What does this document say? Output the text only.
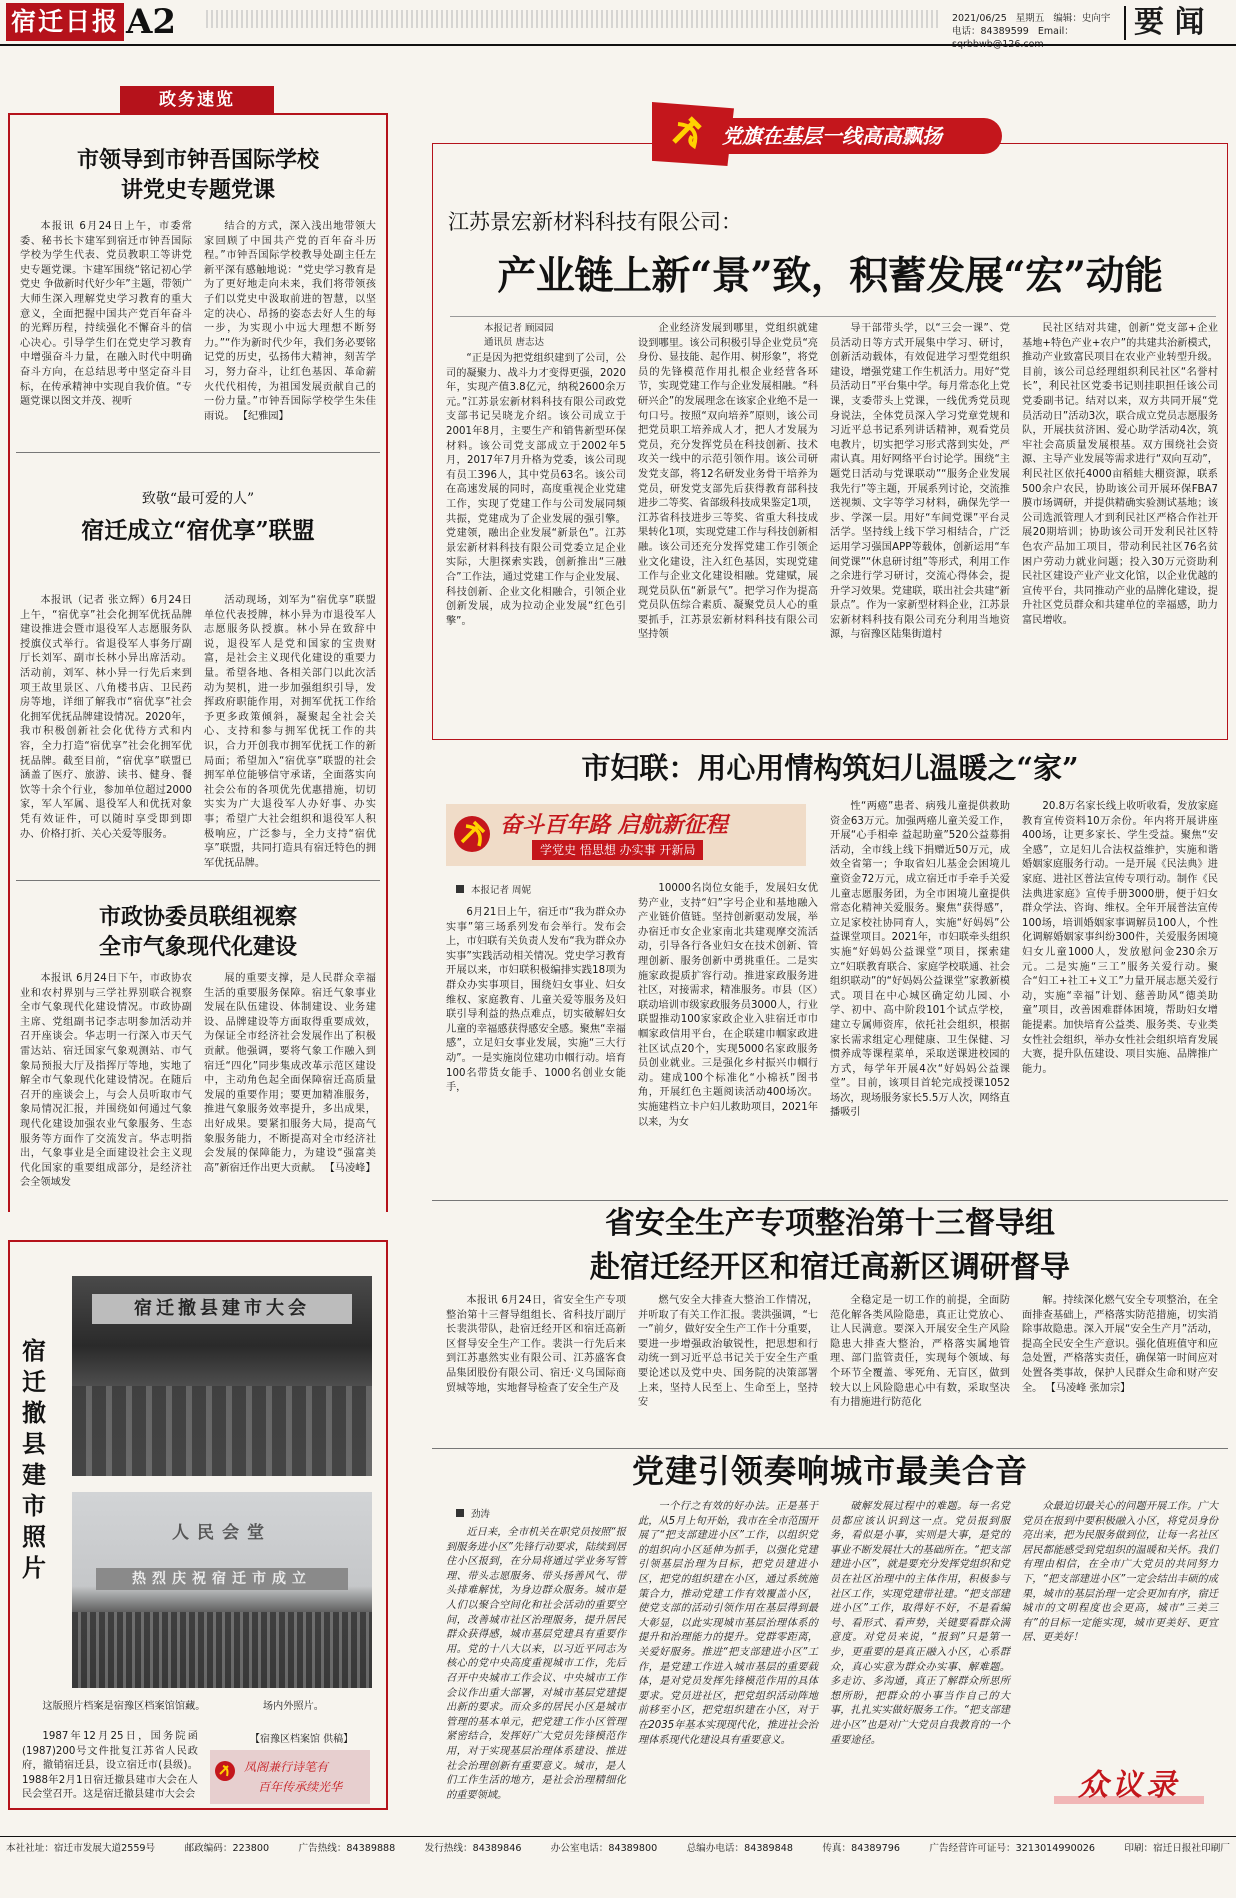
宿迁日报 A2	2021/06/25 星期五 编辑：史向宇
电话：84389599 Email：	要 闻
政务速览
市领导到市钟吾国际学校
讲党史专题党课
本报讯 6月24日上午，市委常委、秘书长卞建军到宿迁市钟吾国际学校为学生代表、党员教职工等讲党史专题党课。卞建军围绕“铭记初心学党史 争做新时代好少年”主题，带领广大师生深入理解党史学习教育的重大意义，全面把握中国共产党百年奋斗的光辉历程，持续强化不懈奋斗的信心决心。引导学生们在党史学习教育中增强奋斗力量，在融入时代中明确奋斗方向，在总结思考中坚定奋斗目标，在传承精神中实现自我价值。“专题党课以图文并茂、视听
结合的方式，深入浅出地带领大家回顾了中国共产党的百年奋斗历程。”市钟吾国际学校教导处副主任左新平深有感触地说：“党史学习教育是为了更好地走向未来，我们将带领孩子们以党史中汲取前进的智慧，以坚定的决心、昂扬的姿态去好人生的每一步，为实现小中远大理想不断努力。”“作为新时代少年，我们务必要铭记党的历史，弘扬伟大精神，刻苦学习，努力奋斗，让红色基因、革命薪火代代相传，为祖国发展贡献自己的一份力量。”市钟吾国际学校学生朱佳雨说。 【纪雅园】
致敬“最可爱的人”
宿迁成立“宿优享”联盟
本报讯（记者 张立辉）6月24日上午，“宿优享”社会化拥军优抚品牌建设推进会暨市退役军人志愿服务队授旗仪式举行。省退役军人事务厅副厅长刘军、副市长林小异出席活动。活动前，刘军、林小异一行先后来到项王故里景区、八角楼书店、卫民药房等地，详细了解我市“宿优享”社会化拥军优抚品牌建设情况。2020年，我市积极创新社会化优待方式和内容，全力打造“宿优享”社会化拥军优抚品牌。截至目前，“宿优享”联盟已涵盖了医疗、旅游、读书、健身、餐饮等十余个行业，参加单位超过2000家，军人军属、退役军人和优抚对象凭有效证件，可以随时享受即到即办、价格打折、关心关爱等服务。
活动现场，刘军为“宿优享”联盟单位代表授牌，林小异为市退役军人志愿服务队授旗。林小异在致辞中说，退役军人是党和国家的宝贵财富，是社会主义现代化建设的重要力量。希望各地、各相关部门以此次活动为契机，进一步加强组织引导，发挥政府职能作用，对拥军优抚工作给予更多政策倾斜，凝聚起全社会关心、支持和参与拥军优抚工作的共识，合力开创我市拥军优抚工作的新局面；希望加入“宿优享”联盟的社会拥军单位能够信守承诺，全面落实向社会公布的各项优先优惠措施，切切实实为广大退役军人办好事、办实事；希望广大社会组织和退役军人积极响应，广泛参与，全力支持“宿优享”联盟，共同打造具有宿迁特色的拥军优抚品牌。
市政协委员联组视察
全市气象现代化建设
本报讯 6月24日下午，市政协农业和农村界别与三学社界别联合视察全市气象现代化建设情况。市政协副主席、党组副书记李志明参加活动并召开座谈会。华志明一行深入市天气雷达站、宿迁国家气象观测站、市气象局预报大厅及指挥厅等地，实地了解全市气象现代化建设情况。在随后召开的座谈会上，与会人员听取市气象局情况汇报，并围绕如何通过气象现代化建设加强农业气象服务、生态服务等方面作了交流发言。华志明指出，气象事业是全面建设社会主义现代化国家的重要组成部分，是经济社会全领域发
展的重要支撑，是人民群众幸福生活的重要服务保障。宿迁气象事业发展在队伍建设、体制建设、业务建设、品牌建设等方面取得重要成效，为保证全市经济社会发展作出了积极贡献。他强调，要将气象工作融入到宿迁“四化”同步集成改革示范区建设中，主动角色起全面保障宿迁高质量发展的重要作用；要更加精准服务，推进气象服务效率提升，多出成果，出好成果。要紧扣服务大局，提高气象服务能力，不断提高对全市经济社会发展的保障能力，为建设“强富美高”新宿迁作出更大贡献。 【马凌峰】
宿迁撤县建市照片
宿迁撤县建市大会
人民会堂
热烈庆祝宿迁市成立
这版照片档案是宿豫区档案馆馆藏。	场内外照片。
1987年12月25日，国务院函(1987)200号文件批复江苏省人民政府，撤销宿迁县，设立宿迁市(县级)。1988年2月1日宿迁撤县建市大会在人民会堂召开。这是宿迁撤县建市大会会
【宿豫区档案馆 供稿】
凤阁兼行诗笔有
百年传承续光华
党旗在基层一线高高飘扬
江苏景宏新材料科技有限公司：
产业链上新“景”致，积蓄发展“宏”动能
本报记者 顾园园
通讯员 唐志达
“正是因为把党组织建到了公司，公司的凝聚力、战斗力才变得更强，2020年，实现产值3.8亿元，纳税2600余万元。”江苏景宏新材料科技有限公司政党支部书记吴晓龙介绍。该公司成立于2001年8月，主要生产和销售新型环保材料。该公司党支部成立于2002年5月，2017年7月升格为党委，该公司现有员工396人，其中党员63名。该公司在高速发展的同时，高度重视企业党建工作，实现了党建工作与公司发展同频共振，党建成为了企业发展的强引擎。党建领，融出企业发展“新景色”。江苏景宏新材料科技有限公司党委立足企业实际，大胆探索实践，创新推出“三融合”工作法，通过党建工作与企业发展、科技创新、企业文化相融合，引领企业创新发展，成为拉动企业发展“红色引擎”。
企业经济发展到哪里，党组织就建设到哪里。该公司积极引导企业党员“亮身份、显技能、起作用、树形象”，将党员的先锋模范作用扎根企业经营各环节，实现党建工作与企业发展相融。“科研兴企”的发展理念在该家企业绝不是一句口号。按照“双向培养”原则，该公司把党员职工培养成人才，把人才发展为党员，充分发挥党员在科技创新、技术攻关一线中的示范引领作用。该公司研发党支部，将12名研发业务骨干培养为党员，研发党支部先后获得教育部科技进步二等奖、省部级科技成果鉴定1项，江苏省科技进步三等奖、省重大科技成果转化1项，实现党建工作与科技创新相融。该公司还充分发挥党建工作引领企业文化建设，注入红色基因，实现党建工作与企业文化建设相融。党建赋，展现党员队伍“新景气”。把学习作为提高党员队伍综合素质、凝聚党员人心的重要抓手，江苏景宏新材料科技有限公司坚持领
导干部带头学，以“三会一课”、党员活动日等方式开展集中学习、研讨，创新活动载体，有效促进学习型党组织建设，增强党建工作生机活力。用好“党员活动日”平台集中学。每月常态化上党课，支委带头上党课，一线优秀党员现身说法，全体党员深入学习党章党规和习近平总书记系列讲话精神，观看党员电教片，切实把学习形式落到实处，严肃认真。用好网络平台讨论学。围绕“主题党日活动与党课联动”“服务企业发展我先行”等主题，开展系列讨论，交流推送视频、文字等学习材料，确保先学一步、学深一层。用好“车间党课”平台灵活学。坚持线上线下学习相结合，广泛运用学习强国APP等载体，创新运用“车间党课”“休息研讨组”等形式，利用工作之余进行学习研讨，交流心得体会，提升学习效果。党建联，联出社会共建“新景点”。作为一家新型材料企业，江苏景宏新材料科技有限公司充分利用当地资源，与宿豫区陆集街道村
民社区结对共建，创新“党支部+企业基地+特色产业+农户”的共建共治新模式，推动产业致富民项目在农业产业转型升级。目前，该公司总经理组织利民社区“名誉村长”，利民社区党委书记则挂职担任该公司党委副书记。结对以来，双方共同开展“党员活动日”活动3次，联合成立党员志愿服务队，开展扶贫济困、爱心助学活动4次，筑牢社会高质量发展根基。双方围绕社会资源、主导产业发展等需求进行“双向互动”，利民社区依托4000亩稻蛙大棚资源，联系500余户农民，协助该公司开展环保FBA7膜市场调研，并提供精确实验测试基地；该公司选派管理人才到利民社区严格合作社开展20期培训；协助该公司开发利民社区特色农产品加工项目，带动利民社区76名贫困户劳动力就业问题；投入30万元资助利民社区建设产业产业文化馆，以企业优越的宣传平台，共同推动产业的品牌化建设，提升社区党员群众和共建单位的幸福感，助力富民增收。
市妇联：用心用情构筑妇儿温暖之“家”
奋斗百年路 启航新征程
学党史 悟思想 办实事 开新局
本报记者 周妮
6月21日上午，宿迁市“我为群众办实事”第三场系列发布会举行。发布会上，市妇联有关负责人发布“我为群众办实事”实践活动相关情况。党史学习教育开展以来，市妇联积极编排实践18项为群众办实事项目，围绕妇女事业、妇女维权、家庭教育、儿童关爱等服务及妇联引导利益的热点难点，切实破解妇女儿童的幸福感获得感安全感。聚焦“幸福感”，立足妇女事业发展，实施“三大行动”。一是实施岗位建功巾帼行动。培育100名带货女能手、1000名创业女能手，
10000名岗位女能手，发展妇女优势产业，支持“妇”字号企业和基地融入产业链价值链。坚持创新驱动发展，举办宿迁市女企业家南北共建观摩交流活动，引导各行各业妇女在技术创新、管理创新、服务创新中勇挑重任。二是实施家政提质扩容行动。推进家政服务进社区，对接需求，精准服务。市县（区）联动培训市级家政服务员3000人，行业联盟推动100家家政企业入驻宿迁市巾帼家政信用平台，在企联建巾帼家政进社区试点20个，实现5000名家政服务员创业就业。三是强化乡村振兴巾帼行动。建成100个标准化“小棉袄”图书角，开展红色主题阅读活动400场次。实施建档立卡户妇儿救助项目，2021年以来，为女
性“两癌”患者、病残儿童提供救助资金63万元。加强两癌儿童关爱工作，开展“心手相牵 益起助童”520公益募捐活动，全市线上线下捐赠近50万元，成效全省第一；争取省妇儿基金会困境儿童资金72万元，成立宿迁市手牵手关爱儿童志愿服务团，为全市困境儿童提供常态化精神关爱服务。聚焦“获得感”，立足家校社协同育人，实施“好妈妈”公益课堂项目。2021年，市妇联牵头组织实施“好妈妈公益课堂”项目，探索建立“妇联教育联合、家庭学校联通、社会组织联动”的“好妈妈公益课堂”家教新模式。项目在中心城区确定幼儿园、小学、初中、高中阶段101个试点学校，建立专属师资库，依托社会组织，根据家长需求组定心理健康、卫生保健、习惯养成等课程菜单，采取送课进校园的方式，每学年开展4次“好妈妈公益课堂”。目前，该项目首轮完成授课1052场次，现场服务家长5.5万人次，网络直播吸引
20.8万名家长线上收听收看，发放家庭教育宣传资料10万余份。年内将开展讲座400场，让更多家长、学生受益。聚焦“安全感”，立足妇儿合法权益维护，实施和谐婚姻家庭服务行动。一是开展《民法典》进家庭、进社区普法宣传专项行动。制作《民法典进家庭》宣传手册3000册，便于妇女群众学法、咨询、维权。全年开展普法宣传100场，培训婚姻家事调解员100人，个性化调解婚姻家事纠纷300件，关爱服务困境妇女儿童1000人，发放慰问金230余万元。二是实施“三工”服务关爱行动。聚合“妇工+社工+义工”力量开展志愿关爱行动，实施“幸福”计划、慈善助风“德美助童”项目，改善困难群体困境，帮助妇女增能提素。加快培育公益类、服务类、专业类女性社会组织，举办女性社会组织培育发展大赛，提升队伍建设、项目实施、品牌推广能力。
省安全生产专项整治第十三督导组
赴宿迁经开区和宿迁高新区调研督导
本报讯 6月24日，省安全生产专项整治第十三督导组组长、省科技厅副厅长裴洪带队，赴宿迁经开区和宿迁高新区督导安全生产工作。裴洪一行先后来到江苏惠然实业有限公司、江苏盛客食品集团股份有限公司、宿迁·义乌国际商贸城等地，实地督导检查了安全生产及
燃气安全大排查大整治工作情况，并听取了有关工作汇报。裴洪强调，“七一”前夕，做好安全生产工作十分重要，要进一步增强政治敏锐性，把思想和行动统一到习近平总书记关于安全生产重要论述以及党中央、国务院的决策部署上来，坚持人民至上、生命至上，坚持安
全稳定是一切工作的前提，全面防范化解各类风险隐患，真正让党放心、让人民满意。要深入开展安全生产风险隐患大排查大整治，严格落实属地管理、部门监管责任，实现每个领域、每个环节全覆盖、零死角、无盲区，做到较大以上风险隐患心中有数，采取坚决有力措施进行防范化
解。持续深化燃气安全专项整治，在全面排查基础上，严格落实防范措施，切实消除事故隐患。深入开展“安全生产月”活动，提高全民安全生产意识。强化值班值守和应急处置，严格落实责任，确保第一时间应对处置各类事故，保护人民群众生命和财产安全。 【马凌峰 张加宗】
党建引领奏响城市最美合音
劲涛
近日来，全市机关在职党员按照“报到服务进小区”先锋行动要求，陆续到居住小区报到，在分局将通过学业务写管理、带头志愿服务、带头扬善风气、带头排难解忧，为身边群众服务。城市是人们以聚合空间化和社会活动的重要空间，改善城市社区治理服务，提升居民群众获得感，城市基层党建具有重要作用。党的十八大以来，以习近平同志为核心的党中央高度重视城市工作，先后召开中央城市工作会议、中央城市工作会议作出重大部署，对城市基层党建提出新的要求。而众多的居民小区是城市管理的基本单元，把党建工作小区管理紧密结合，发挥好广大党员先锋模范作用，对于实现基层治理体系建设、推进社会治理创新有重要意义。城市，是人们工作生活的地方，是社会治理精细化的重要领域。
一个行之有效的好办法。正是基于此，从5月上旬开始，我市在全市范围开展了“把支部建进小区”工作，以组织党的组织向小区延伸为抓手，以强化党建引领基层治理为目标，把党员建进小区，把党的组织建在小区，通过系统施策合力，推动党建工作有效覆盖小区，使党支部的活动引领作用在基层得到最大彰显，以此实现城市基层治理体系的提升和治理能力的提升。党群零距离，关爱好服务。推进“把支部建进小区”工作，是党建工作进入城市基层的重要载体，是对党员发挥先锋模范作用的具体要求。党员进社区，把党组织活动阵地前移至小区，把党组织建在小区，对于在2035年基本实现现代化，推进社会治理体系现代化建设具有重要意义。
破解发展过程中的难题。每一名党员都应该认识到这一点。党员报到服务，看似是小事，实则是大事，是党的事业不断发展壮大的基础所在。“把支部建进小区”，就是要充分发挥党组织和党员在社区治理中的主体作用，积极参与社区工作，实现党建带社建。“把支部建进小区”工作，取得好不好，不是看编号、看形式、看声势，关键要看群众满意度。对党员来说，“报到”只是第一步，更重要的是真正融入小区，心系群众，真心实意为群众办实事、解难题。多走访、多沟通，真正了解群众所思所想所盼，把群众的小事当作自己的大事，扎扎实实做好服务工作。“把支部建进小区”也是对广大党员自我教育的一个重要途径。
众最迫切最关心的问题开展工作。广大党员在报到中要积极融入小区，将党员身份亮出来，把为民服务做到位，让每一名社区居民都能感受到党组织的温暖和关怀。我们有理由相信，在全市广大党员的共同努力下，“把支部建进小区”一定会结出丰硕的成果，城市的基层治理一定会更加有序，宿迁城市的文明程度也会更高，城市“三美三有”的目标一定能实现，城市更美好、更宜居、更美好！
众议录
本社社址：宿迁市发展大道2559号	邮政编码：223800	广告热线：84389888	发行热线：84389846	办公室电话：84389800	总编办电话：84389848	传真：84389796	广告经营许可证号：3213014990026	印刷：宿迁日报社印刷厂
